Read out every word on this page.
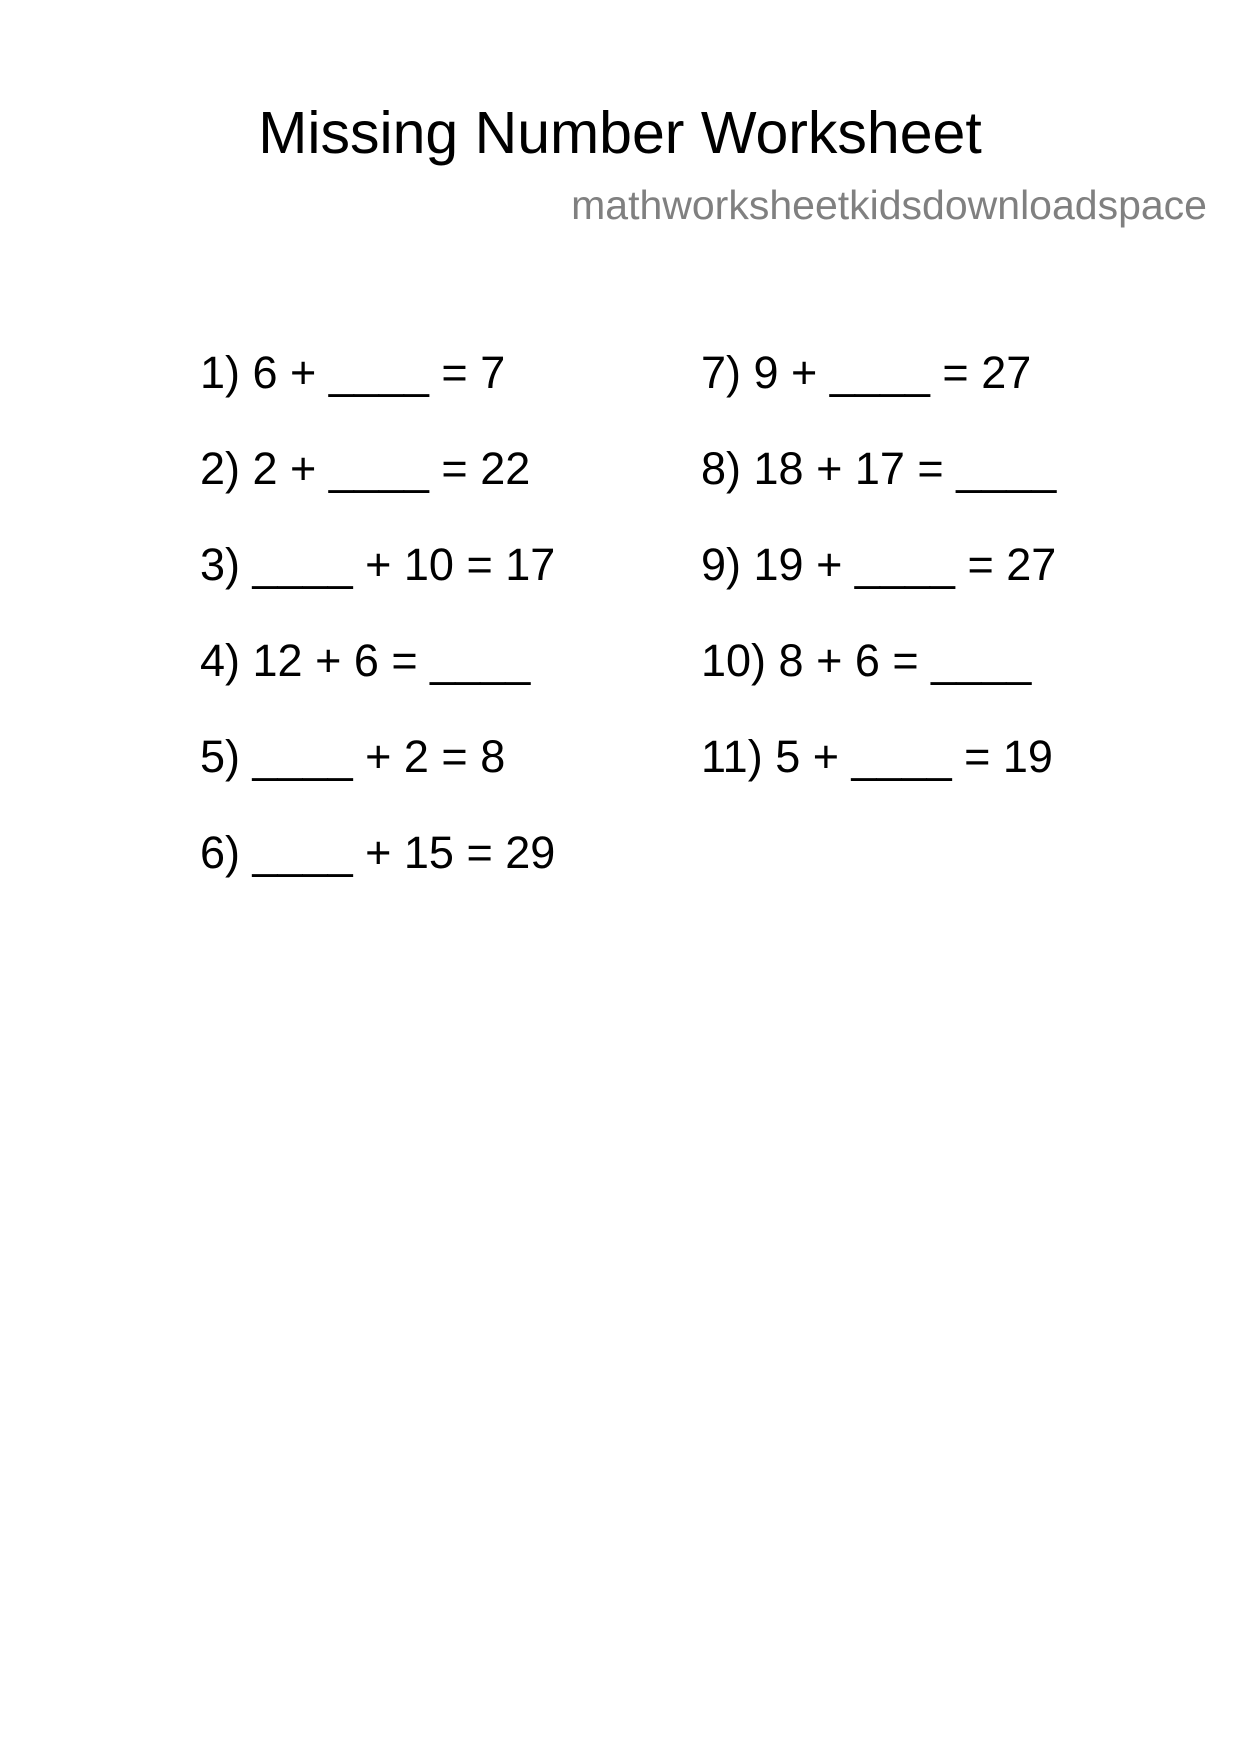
Missing Number Worksheet
mathworksheetkidsdownloadspace
1) 6 + ____ = 7
2) 2 + ____ = 22
3) ____ + 10 = 17
4) 12 + 6 = ____
5) ____ + 2 = 8
6) ____ + 15 = 29
7) 9 + ____ = 27
8) 18 + 17 = ____
9) 19 + ____ = 27
10) 8 + 6 = ____
11) 5 + ____ = 19
